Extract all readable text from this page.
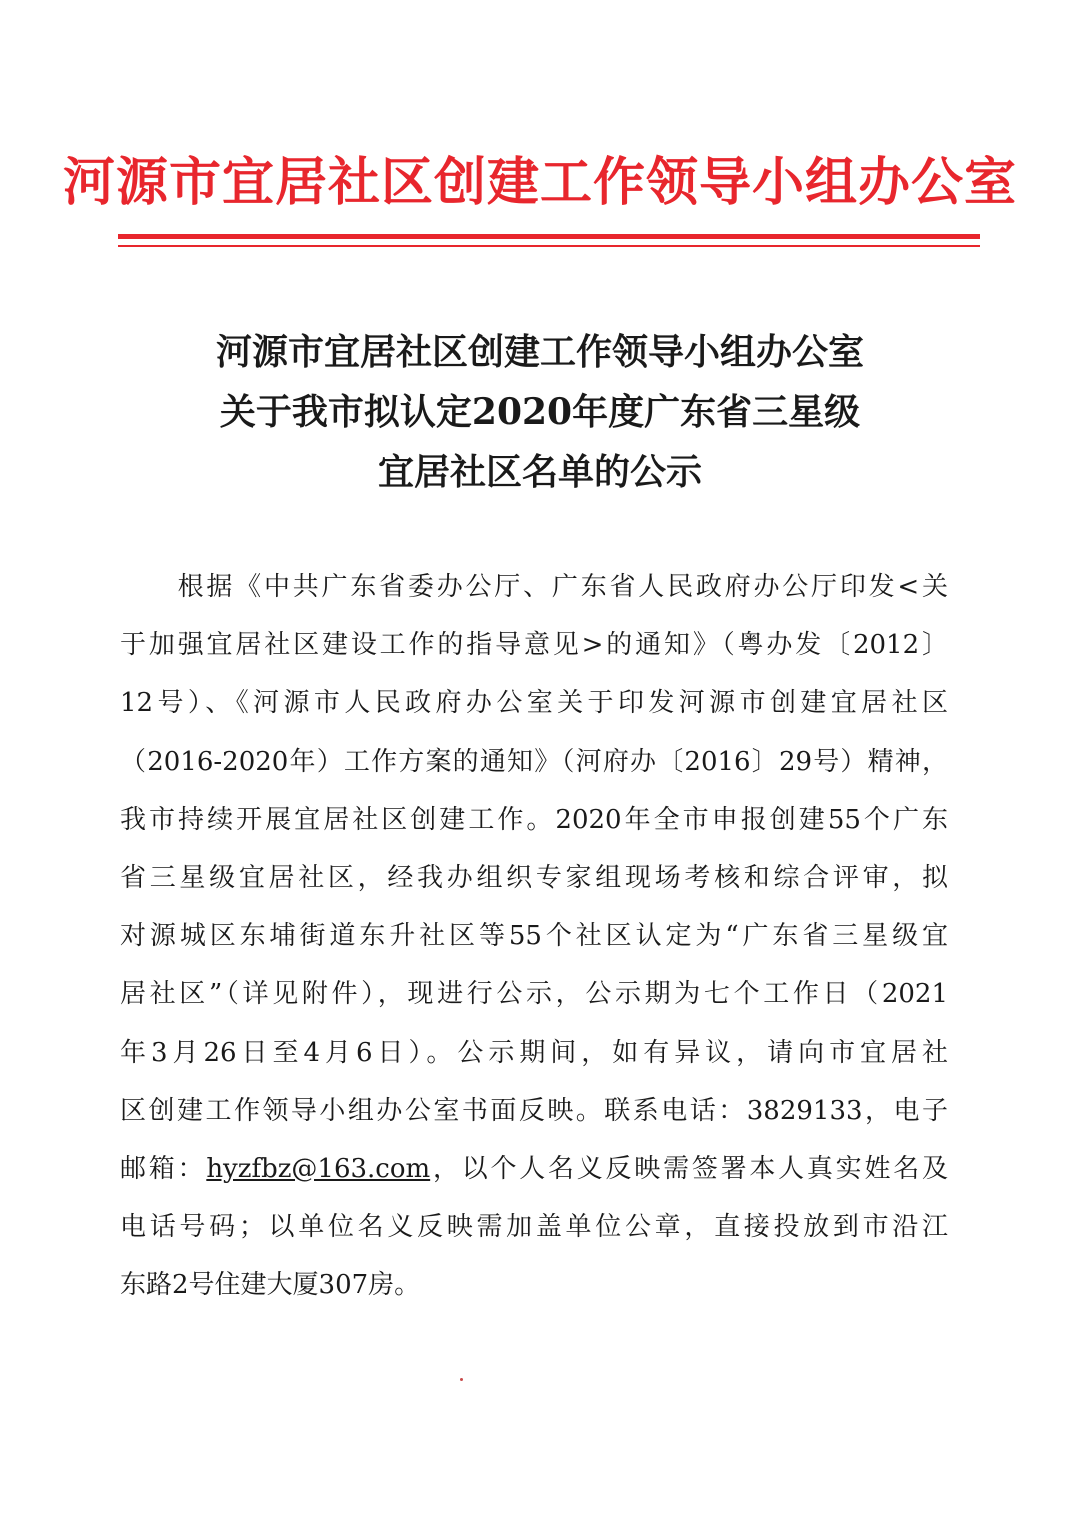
河源市宜居社区创建工作领导小组办公室
河源市宜居社区创建工作领导小组办公室
关于我市拟认定2020年度广东省三星级
宜居社区名单的公示
　　根据《中共广东省委办公厅、广东省人民政府办公厅印发<关
于加强宜居社区建设工作的指导意见>的通知》（粤办发〔2012〕
12号）、《河源市人民政府办公室关于印发河源市创建宜居社区
（2016-2020年）工作方案的通知》（河府办〔2016〕29号）精神，
我市持续开展宜居社区创建工作。2020年全市申报创建55个广东
省三星级宜居社区，经我办组织专家组现场考核和综合评审，拟
对源城区东埔街道东升社区等55个社区认定为“广东省三星级宜
居社区”（详见附件），现进行公示，公示期为七个工作日（2021
年3月26日至4月6日）。公示期间，如有异议，请向市宜居社
区创建工作领导小组办公室书面反映。联系电话：3829133，电子
邮箱：hyzfbz@163.com，以个人名义反映需签署本人真实姓名及
电话号码；以单位名义反映需加盖单位公章，直接投放到市沿江
东路2号住建大厦307房。
